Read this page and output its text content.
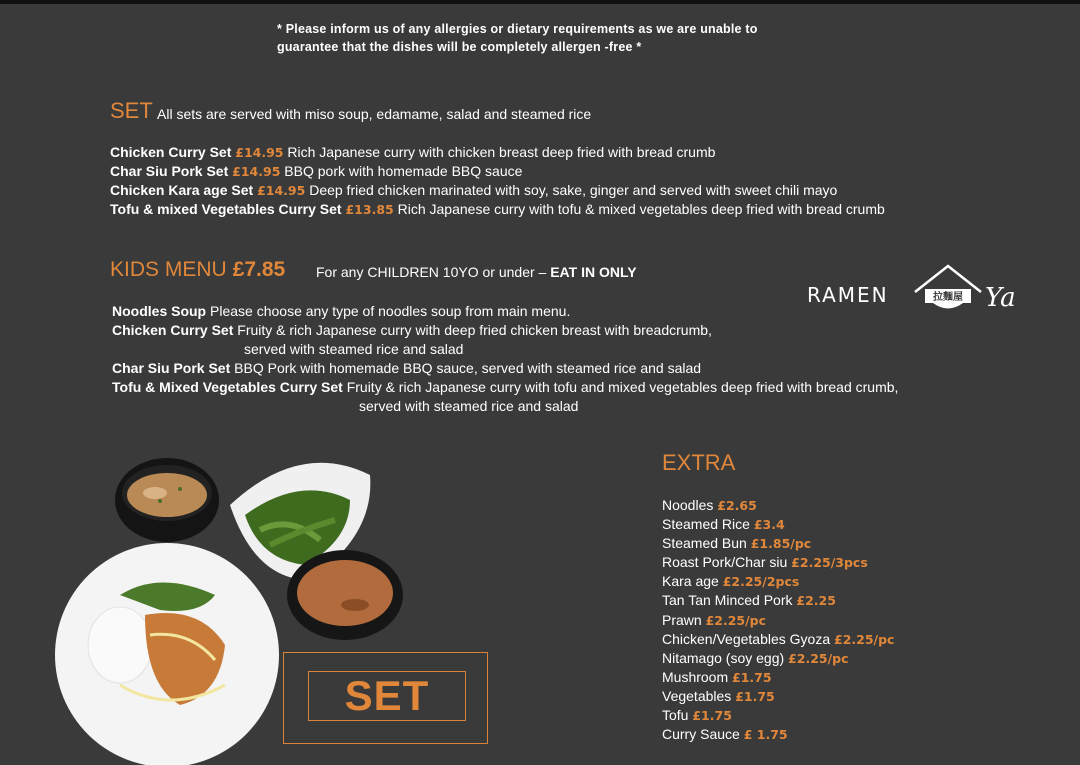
* Please inform us of any allergies or dietary requirements as we are unable to
guarantee that the dishes will be completely allergen -free *
SET All sets are served with miso soup, edamame, salad and steamed rice
Chicken Curry Set £14.95 Rich Japanese curry with chicken breast deep fried with bread crumb
Char Siu Pork Set £14.95 BBQ pork with homemade BBQ sauce
Chicken Kara age Set £14.95 Deep fried chicken marinated with soy, sake, ginger and served with sweet chili mayo
Tofu & mixed Vegetables Curry Set £13.85 Rich Japanese curry with tofu & mixed vegetables deep fried with bread crumb
KIDS MENU £7.85 For any CHILDREN 10YO or under – EAT IN ONLY
Noodles Soup Please choose any type of noodles soup from main menu.
Chicken Curry Set Fruity & rich Japanese curry with deep fried chicken breast with breadcrumb,
served with steamed rice and salad
Char Siu Pork Set BBQ Pork with homemade BBQ sauce, served with steamed rice and salad
Tofu & Mixed Vegetables Curry Set Fruity & rich Japanese curry with tofu and mixed vegetables deep fried with bread crumb,
served with steamed rice and salad
RAMEN	拉麵屋 Ya
EXTRA
Noodles £2.65
Steamed Rice £3.4
Steamed Bun £1.85/pc
Roast Pork/Char siu £2.25/3pcs
Kara age £2.25/2pcs
Tan Tan Minced Pork £2.25
Prawn £2.25/pc
Chicken/Vegetables Gyoza £2.25/pc
Nitamago (soy egg) £2.25/pc
Mushroom £1.75
Vegetables £1.75
Tofu £1.75
Curry Sauce £ 1.75
SET
